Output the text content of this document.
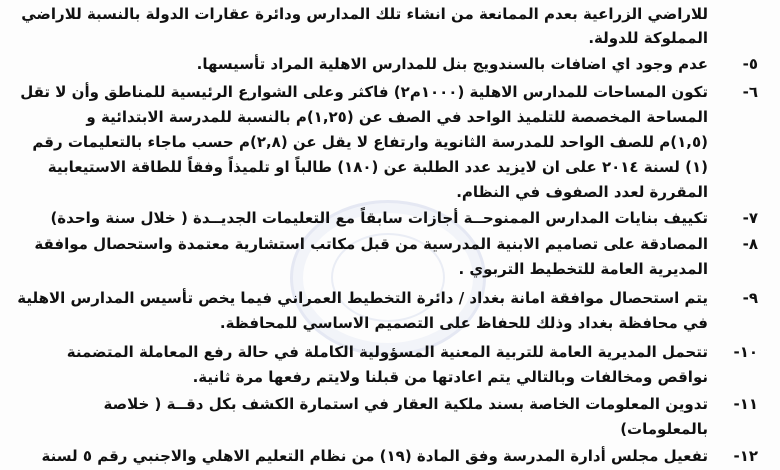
للاراضي الزراعية بعدم الممانعة من انشاء تلك المدارس ودائرة عقارات الدولة بالنسبة للاراضي
المملوكة للدولة.
-٥
عدم وجود اي اضافات بالسندويج بنل للمدارس الاهلية المراد تأسيسها.
-٦
تكون المساحات للمدارس الاهلية (١٠٠٠م٢) فاكثر وعلى الشوارع الرئيسية للمناطق وأن لا تقل
المساحة المخصصة للتلميذ الواحد في الصف عن (١,٢٥)م بالنسبة للمدرسة الابتدائية و
(١,٥)م للصف الواحد للمدرسة الثانوية وارتفاع لا يقل عن (٢,٨)م حسب ماجاء بالتعليمات رقم
(١) لسنة ٢٠١٤ على ان لايزيد عدد الطلبة عن (١٨٠) طالباً او تلميذاً وفقاً للطاقة الاستيعابية
المقررة لعدد الصفوف في النظام.
-٧
تكييف بنايات المدارس الممنوحــة أجازات سابقاً مع التعليمات الجديــدة ( خلال سنة واحدة)
-٨
المصادقة على تصاميم الابنية المدرسية من قبل مكاتب استشارية معتمدة واستحصال موافقة
المديرية العامة للتخطيط التربوي .
-٩
يتم استحصال موافقة امانة بغداد / دائرة التخطيط العمراني فيما يخص تأسيس المدارس الاهلية
في محافظة بغداد وذلك للحفاظ على التصميم الاساسي للمحافظة.
-١٠
تتحمل المديرية العامة للتربية المعنية المسؤولية الكاملة في حالة رفع المعاملة المتضمنة
نواقص ومخالفات وبالتالي يتم اعادتها من قبلنا ولايتم رفعها مرة ثانية.
-١١
تدوين المعلومات الخاصة بسند ملكية العقار في استمارة الكشف بكل دقــة ( خلاصة
بالمعلومات)
-١٢
تفعيل مجلس أدارة المدرسة وفق المادة (١٩) من نظام التعليم الاهلي والاجنبي رقم ٥ لسنة
